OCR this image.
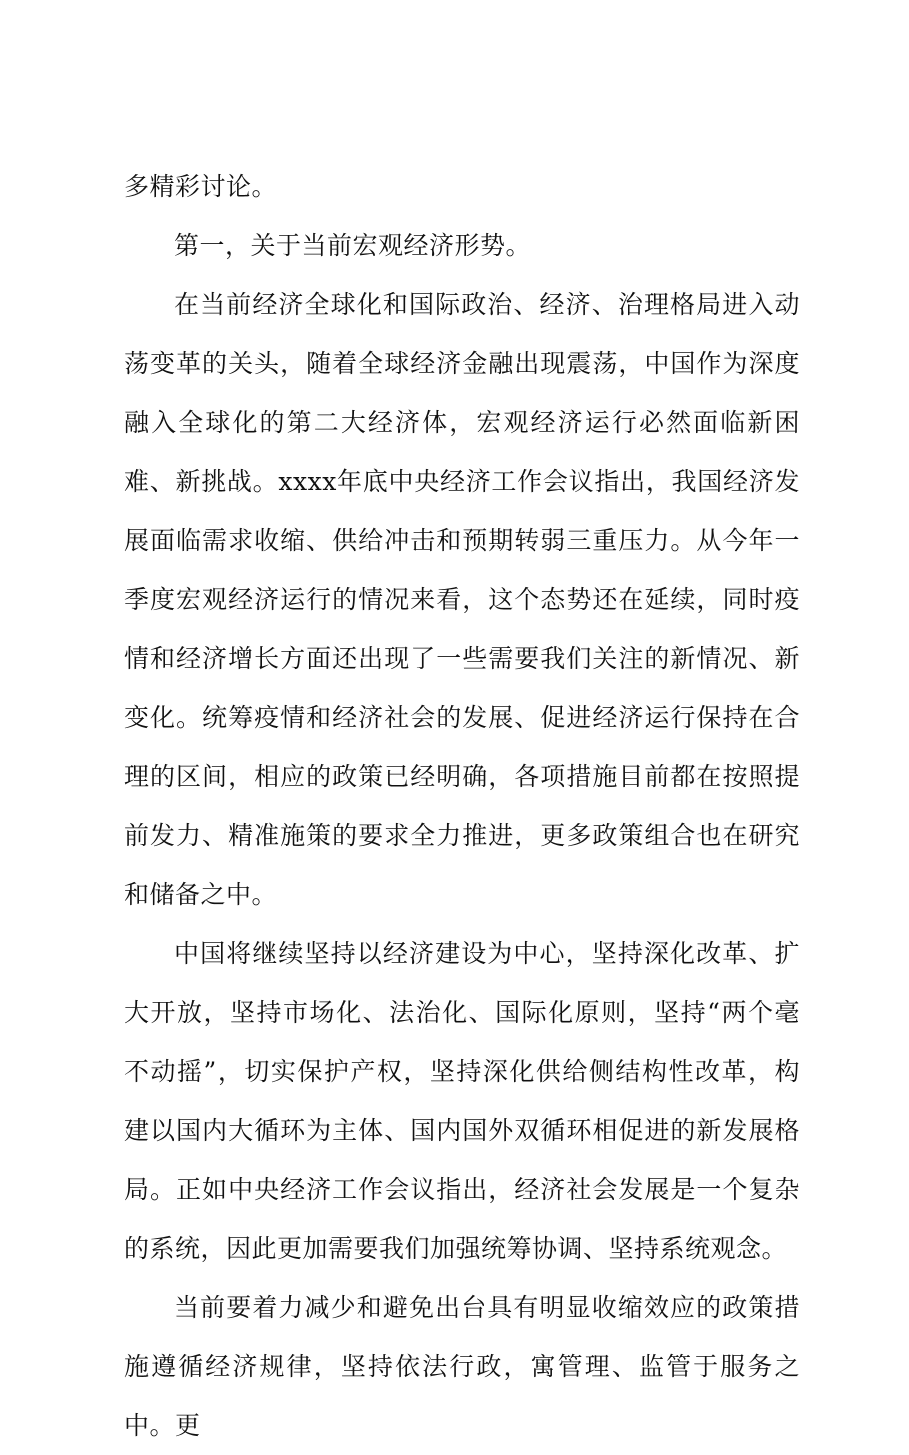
多精彩讨论。

第一，关于当前宏观经济形势。

在当前经济全球化和国际政治、经济、治理格局进入动荡变革的关头，随着全球经济金融出现震荡，中国作为深度融入全球化的第二大经济体，宏观经济运行必然面临新困难、新挑战。xxxx年底中央经济工作会议指出，我国经济发展面临需求收缩、供给冲击和预期转弱三重压力。从今年一季度宏观经济运行的情况来看，这个态势还在延续，同时疫情和经济增长方面还出现了一些需要我们关注的新情况、新变化。统筹疫情和经济社会的发展、促进经济运行保持在合理的区间，相应的政策已经明确，各项措施目前都在按照提前发力、精准施策的要求全力推进，更多政策组合也在研究和储备之中。

中国将继续坚持以经济建设为中心，坚持深化改革、扩大开放，坚持市场化、法治化、国际化原则，坚持“两个毫不动摇”，切实保护产权，坚持深化供给侧结构性改革，构建以国内大循环为主体、国内国外双循环相促进的新发展格局。正如中央经济工作会议指出，经济社会发展是一个复杂的系统，因此更加需要我们加强统筹协调、坚持系统观念。

当前要着力减少和避免出台具有明显收缩效应的政策措施遵循经济规律，坚持依法行政，寓管理、监管于服务之中。更
